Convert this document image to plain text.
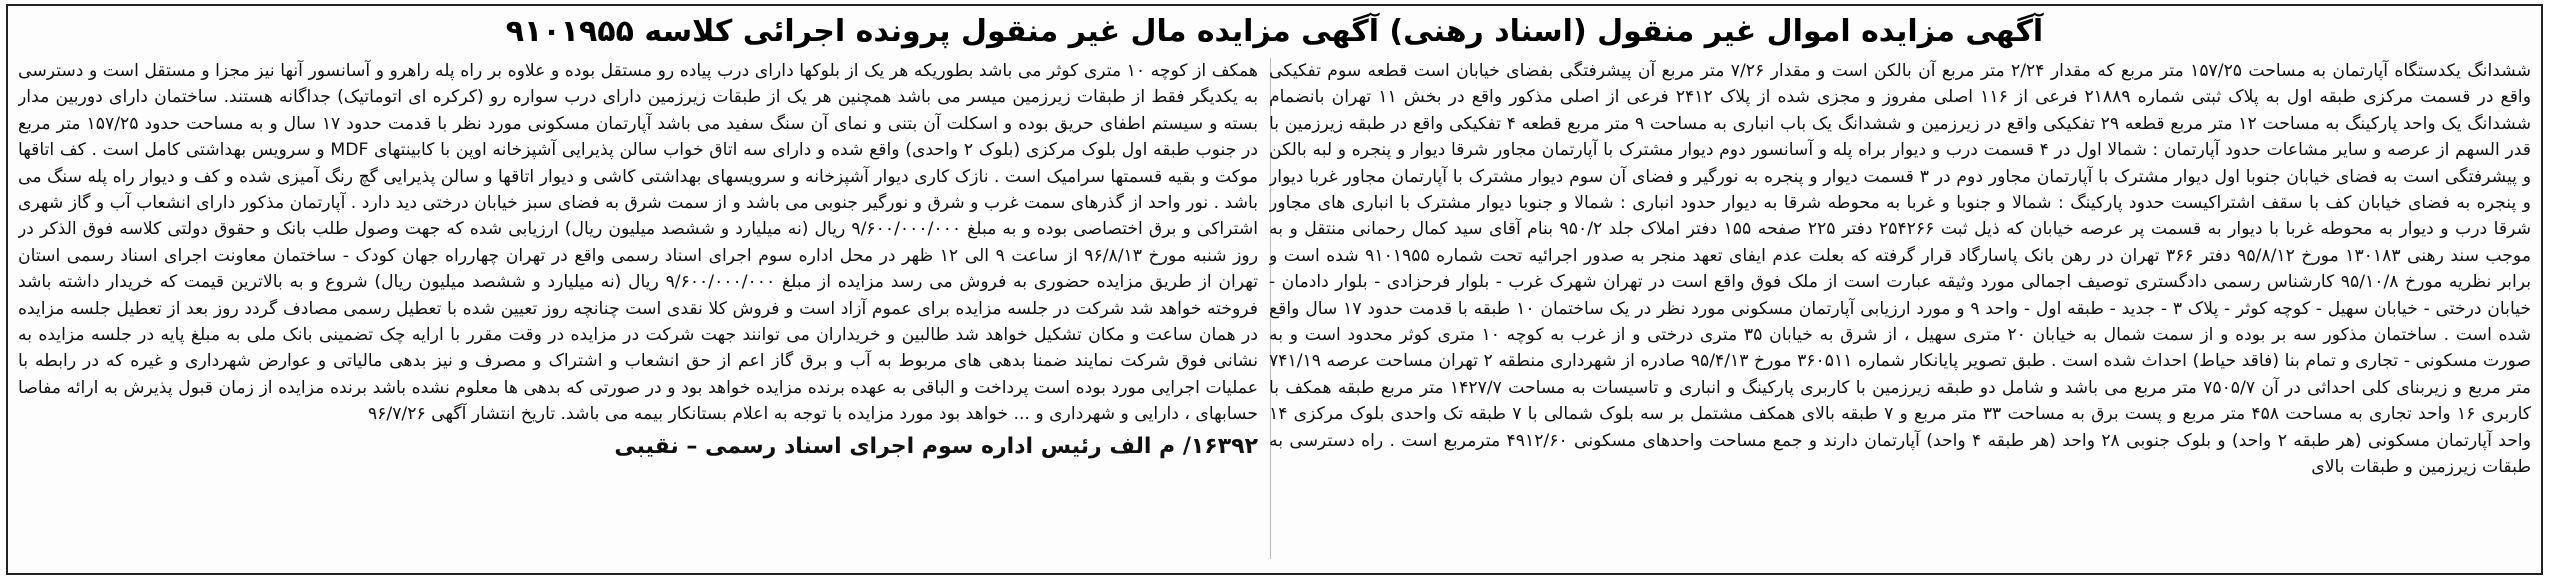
آگهی مزایده اموال غیر منقول (اسناد رهنی) آگهی مزایده مال غیر منقول پرونده اجرائی کلاسه ۹۱۰۱۹۵۵
ششدانگ یکدستگاه آپارتمان به مساحت ۱۵۷/۲۵ متر مربع که مقدار ۲/۲۴ متر مربع آن بالکن است و مقدار ۷/۲۶ متر مربع آن پیشرفتگی بفضای خیابان است قطعه سوم تفکیکی واقع در قسمت مرکزی طبقه اول به پلاک ثبتی شماره ۲۱۸۸۹ فرعی از ۱۱۶ اصلی مفروز و مجزی شده از پلاک ۲۴۱۲ فرعی از اصلی مذکور واقع در بخش ۱۱ تهران بانضمام ششدانگ یک واحد پارکینگ به مساحت ۱۲ متر مربع قطعه ۲۹ تفکیکی واقع در زیرزمین و ششدانگ یک باب انباری به مساحت ۹ متر مربع قطعه ۴ تفکیکی واقع در طبقه زیرزمین با قدر السهم از عرصه و سایر مشاعات حدود آپارتمان : شمالا اول در ۴ قسمت درب و دیوار براه پله و آسانسور دوم دیوار مشترک با آپارتمان مجاور شرقا دیوار و پنجره و لبه بالکن و پیشرفتگی است به فضای خیابان جنوبا اول دیوار مشترک با آپارتمان مجاور دوم در ۳ قسمت دیوار و پنجره به نورگیر و فضای آن سوم دیوار مشترک با آپارتمان مجاور غربا دیوار و پنجره به فضای خیابان کف با سقف اشتراکیست حدود پارکینگ : شمالا و جنوبا و غربا به محوطه شرقا به دیوار حدود انباری : شمالا و جنوبا دیوار مشترک با انباری های مجاور شرقا درب و دیوار به محوطه غربا با دیوار به قسمت پر عرصه خیابان که ذیل ثبت ۲۵۴۲۶۶ دفتر ۲۲۵ صفحه ۱۵۵ دفتر املاک جلد ۹۵۰/۲ بنام آقای سید کمال رحمانی منتقل و به موجب سند رهنی ۱۳۰۱۸۳ مورخ ۹۵/۸/۱۲ دفتر ۳۶۶ تهران در رهن بانک پاسارگاد قرار گرفته که بعلت عدم ایفای تعهد منجر به صدور اجرائیه تحت شماره ۹۱۰۱۹۵۵ شده است و برابر نظریه مورخ ۹۵/۱۰/۸ کارشناس رسمی دادگستری توصیف اجمالی مورد وثیقه عبارت است از ملک فوق واقع است در تهران شهرک غرب - بلوار فرحزادی - بلوار دادمان - خیابان درختی - خیابان سهیل - کوچه کوثر - پلاک ۳ - جدید - طبقه اول - واحد ۹ و مورد ارزیابی آپارتمان مسکونی مورد نظر در یک ساختمان ۱۰ طبقه با قدمت حدود ۱۷ سال واقع شده است . ساختمان مذکور سه بر بوده و از سمت شمال به خیابان ۲۰ متری سهیل ، از شرق به خیابان ۳۵ متری درختی و از غرب به کوچه ۱۰ متری کوثر محدود است و به صورت مسکونی - تجاری و تمام بنا (فاقد حیاط) احداث شده است . طبق تصویر پایانکار شماره ۳۶۰۵۱۱ مورخ ۹۵/۴/۱۳ صادره از شهرداری منطقه ۲ تهران مساحت عرصه ۷۴۱/۱۹ متر مربع و زیربنای کلی احداثی در آن ۷۵۰۵/۷ متر مربع می باشد و شامل دو طبقه زیرزمین با کاربری پارکینگ و انباری و تاسیسات به مساحت ۱۴۲۷/۷ متر مربع طبقه همکف با کاربری ۱۶ واحد تجاری به مساحت ۴۵۸ متر مربع و پست برق به مساحت ۳۳ متر مربع و ۷ طبقه بالای همکف مشتمل بر سه بلوک شمالی با ۷ طبقه تک واحدی بلوک مرکزی ۱۴ واحد آپارتمان مسکونی (هر طبقه ۲ واحد) و بلوک جنوبی ۲۸ واحد (هر طبقه ۴ واحد) آپارتمان دارند و جمع مساحت واحدهای مسکونی ۴۹۱۲/۶۰ مترمربع است . راه دسترسی به طبقات زیرزمین و طبقات بالای
همکف از کوچه ۱۰ متری کوثر می باشد بطوریکه هر یک از بلوکها دارای درب پیاده رو مستقل بوده و علاوه بر راه پله راهرو و آسانسور آنها نیز مجزا و مستقل است و دسترسی به یکدیگر فقط از طبقات زیرزمین میسر می باشد همچنین هر یک از طبقات زیرزمین دارای درب سواره رو (کرکره ای اتوماتیک) جداگانه هستند. ساختمان دارای دوربین مدار بسته و سیستم اطفای حریق بوده و اسکلت آن بتنی و نمای آن سنگ سفید می باشد آپارتمان مسکونی مورد نظر با قدمت حدود ۱۷ سال و به مساحت حدود ۱۵۷/۲۵ متر مربع در جنوب طبقه اول بلوک مرکزی (بلوک ۲ واحدی) واقع شده و دارای سه اتاق خواب سالن پذیرایی آشپزخانه اوپن با کابینتهای MDF و سرویس بهداشتی کامل است . کف اتاقها موکت و بقیه قسمتها سرامیک است . نازک کاری دیوار آشپزخانه و سرویسهای بهداشتی کاشی و دیوار اتاقها و سالن پذیرایی گچ رنگ آمیزی شده و کف و دیوار راه پله سنگ می باشد . نور واحد از گذرهای سمت غرب و شرق و نورگیر جنوبی می باشد و از سمت شرق به فضای سبز خیابان درختی دید دارد . آپارتمان مذکور دارای انشعاب آب و گاز شهری اشتراکی و برق اختصاصی بوده و به مبلغ ۹/۶۰۰/۰۰۰/۰۰۰ ریال (نه میلیارد و ششصد میلیون ریال) ارزیابی شده که جهت وصول طلب بانک و حقوق دولتی کلاسه فوق الذکر در روز شنبه مورخ ۹۶/۸/۱۳ از ساعت ۹ الی ۱۲ ظهر در محل اداره سوم اجرای اسناد رسمی واقع در تهران چهارراه جهان کودک - ساختمان معاونت اجرای اسناد رسمی استان تهران از طریق مزایده حضوری به فروش می رسد مزایده از مبلغ ۹/۶۰۰/۰۰۰/۰۰۰ ریال (نه میلیارد و ششصد میلیون ریال) شروع و به بالاترین قیمت که خریدار داشته باشد فروخته خواهد شد شرکت در جلسه مزایده برای عموم آزاد است و فروش کلا نقدی است چنانچه روز تعیین شده با تعطیل رسمی مصادف گردد روز بعد از تعطیل جلسه مزایده در همان ساعت و مکان تشکیل خواهد شد طالبین و خریداران می توانند جهت شرکت در مزایده در وقت مقرر با ارایه چک تضمینی بانک ملی به مبلغ پایه در جلسه مزایده به نشانی فوق شرکت نمایند ضمنا بدهی های مربوط به آب و برق گاز اعم از حق انشعاب و اشتراک و مصرف و نیز بدهی مالیاتی و عوارض شهرداری و غیره که در رابطه با عملیات اجرایی مورد بوده است پرداخت و الباقی به عهده برنده مزایده خواهد بود و در صورتی که بدهی ها معلوم نشده باشد برنده مزایده از زمان قبول پذیرش به ارائه مفاصا حسابهای ، دارایی و شهرداری و ... خواهد بود مورد مزایده با توجه به اعلام بستانکار بیمه می باشد. تاریخ انتشار آگهی ۹۶/۷/۲۶
۱۶۳۹۲/ م الف رئیس اداره سوم اجرای اسناد رسمی – نقیبی
